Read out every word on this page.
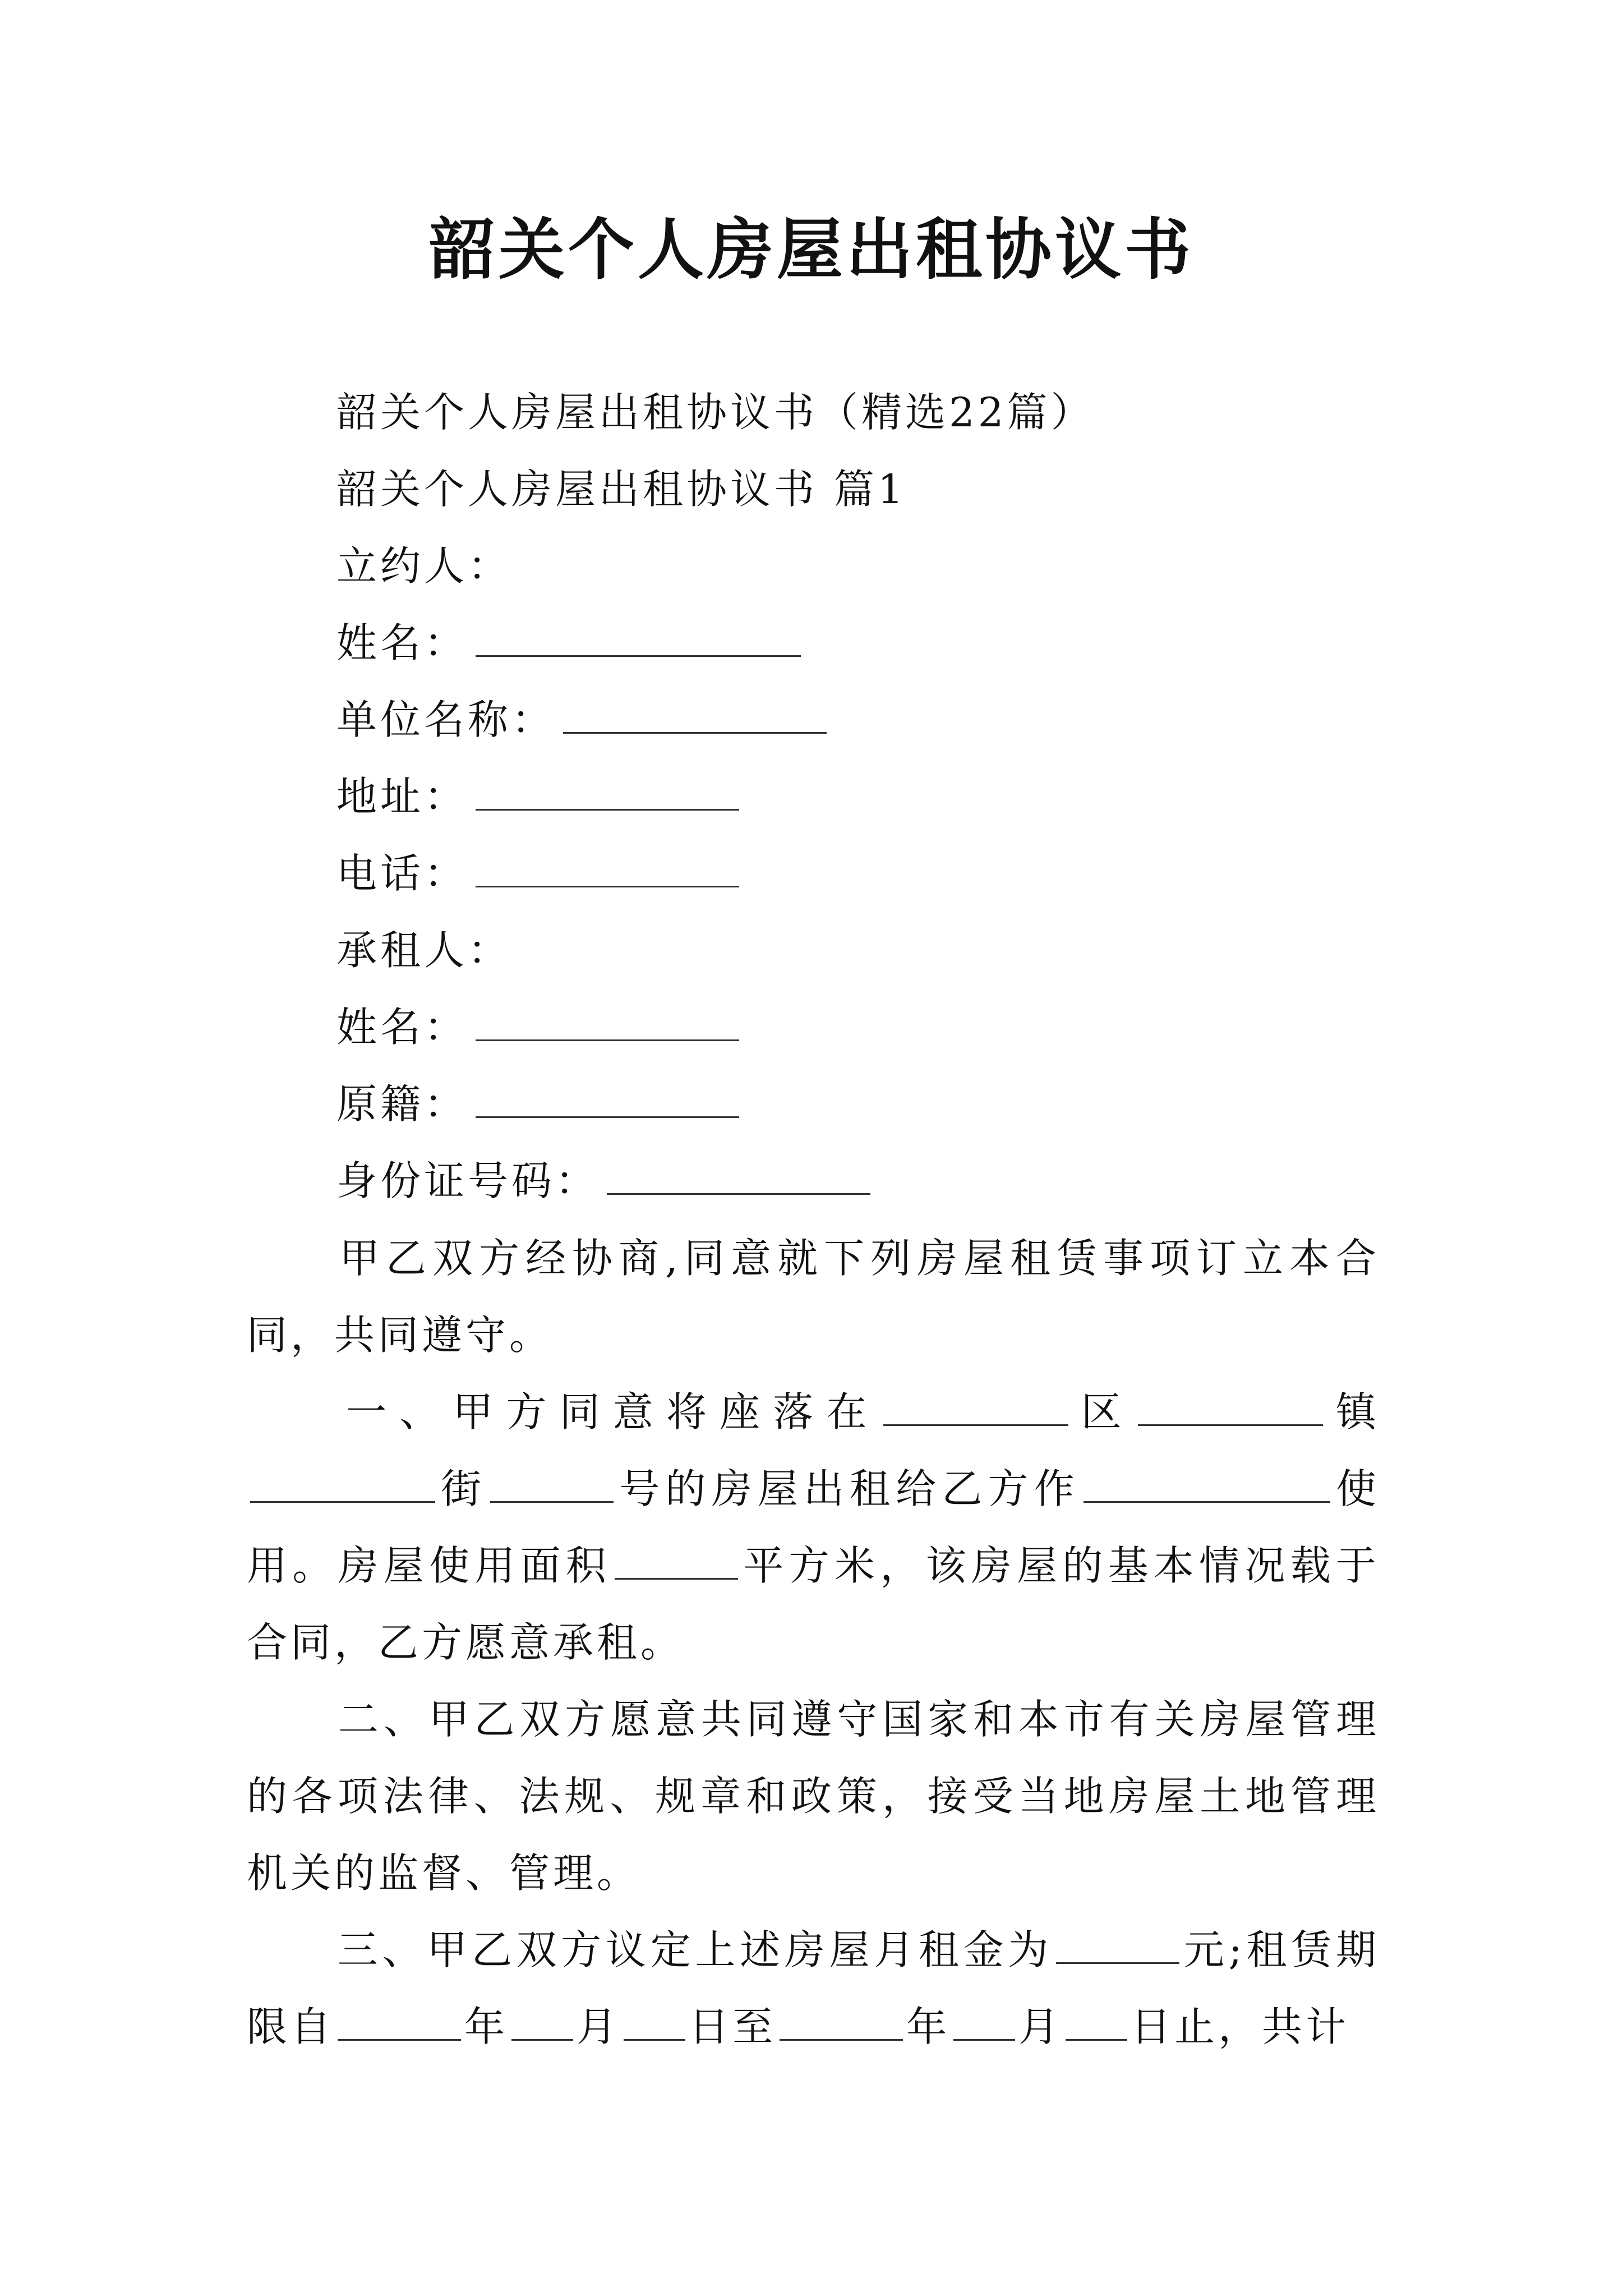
韶关个人房屋出租协议书
韶关个人房屋出租协议书（精选22篇）
韶关个人房屋出租协议书 篇1
立约人：
姓名：
单位名称：
地址：
电话：
承租人：
姓名：
原籍：
身份证号码：
甲乙双方经协商,同意就下列房屋租赁事项订立本合同，共同遵守。
一、甲方同意将座落在	区	镇街	号的房屋出租给乙方作	使用。房屋使用面积	平方米，该房屋的基本情况载于合同，乙方愿意承租。
二、甲乙双方愿意共同遵守国家和本市有关房屋管理的各项法律、法规、规章和政策，接受当地房屋土地管理机关的监督、管理。
三、甲乙双方议定上述房屋月租金为	元;租赁期限自	年 月 日至	年 月 日止，共计
